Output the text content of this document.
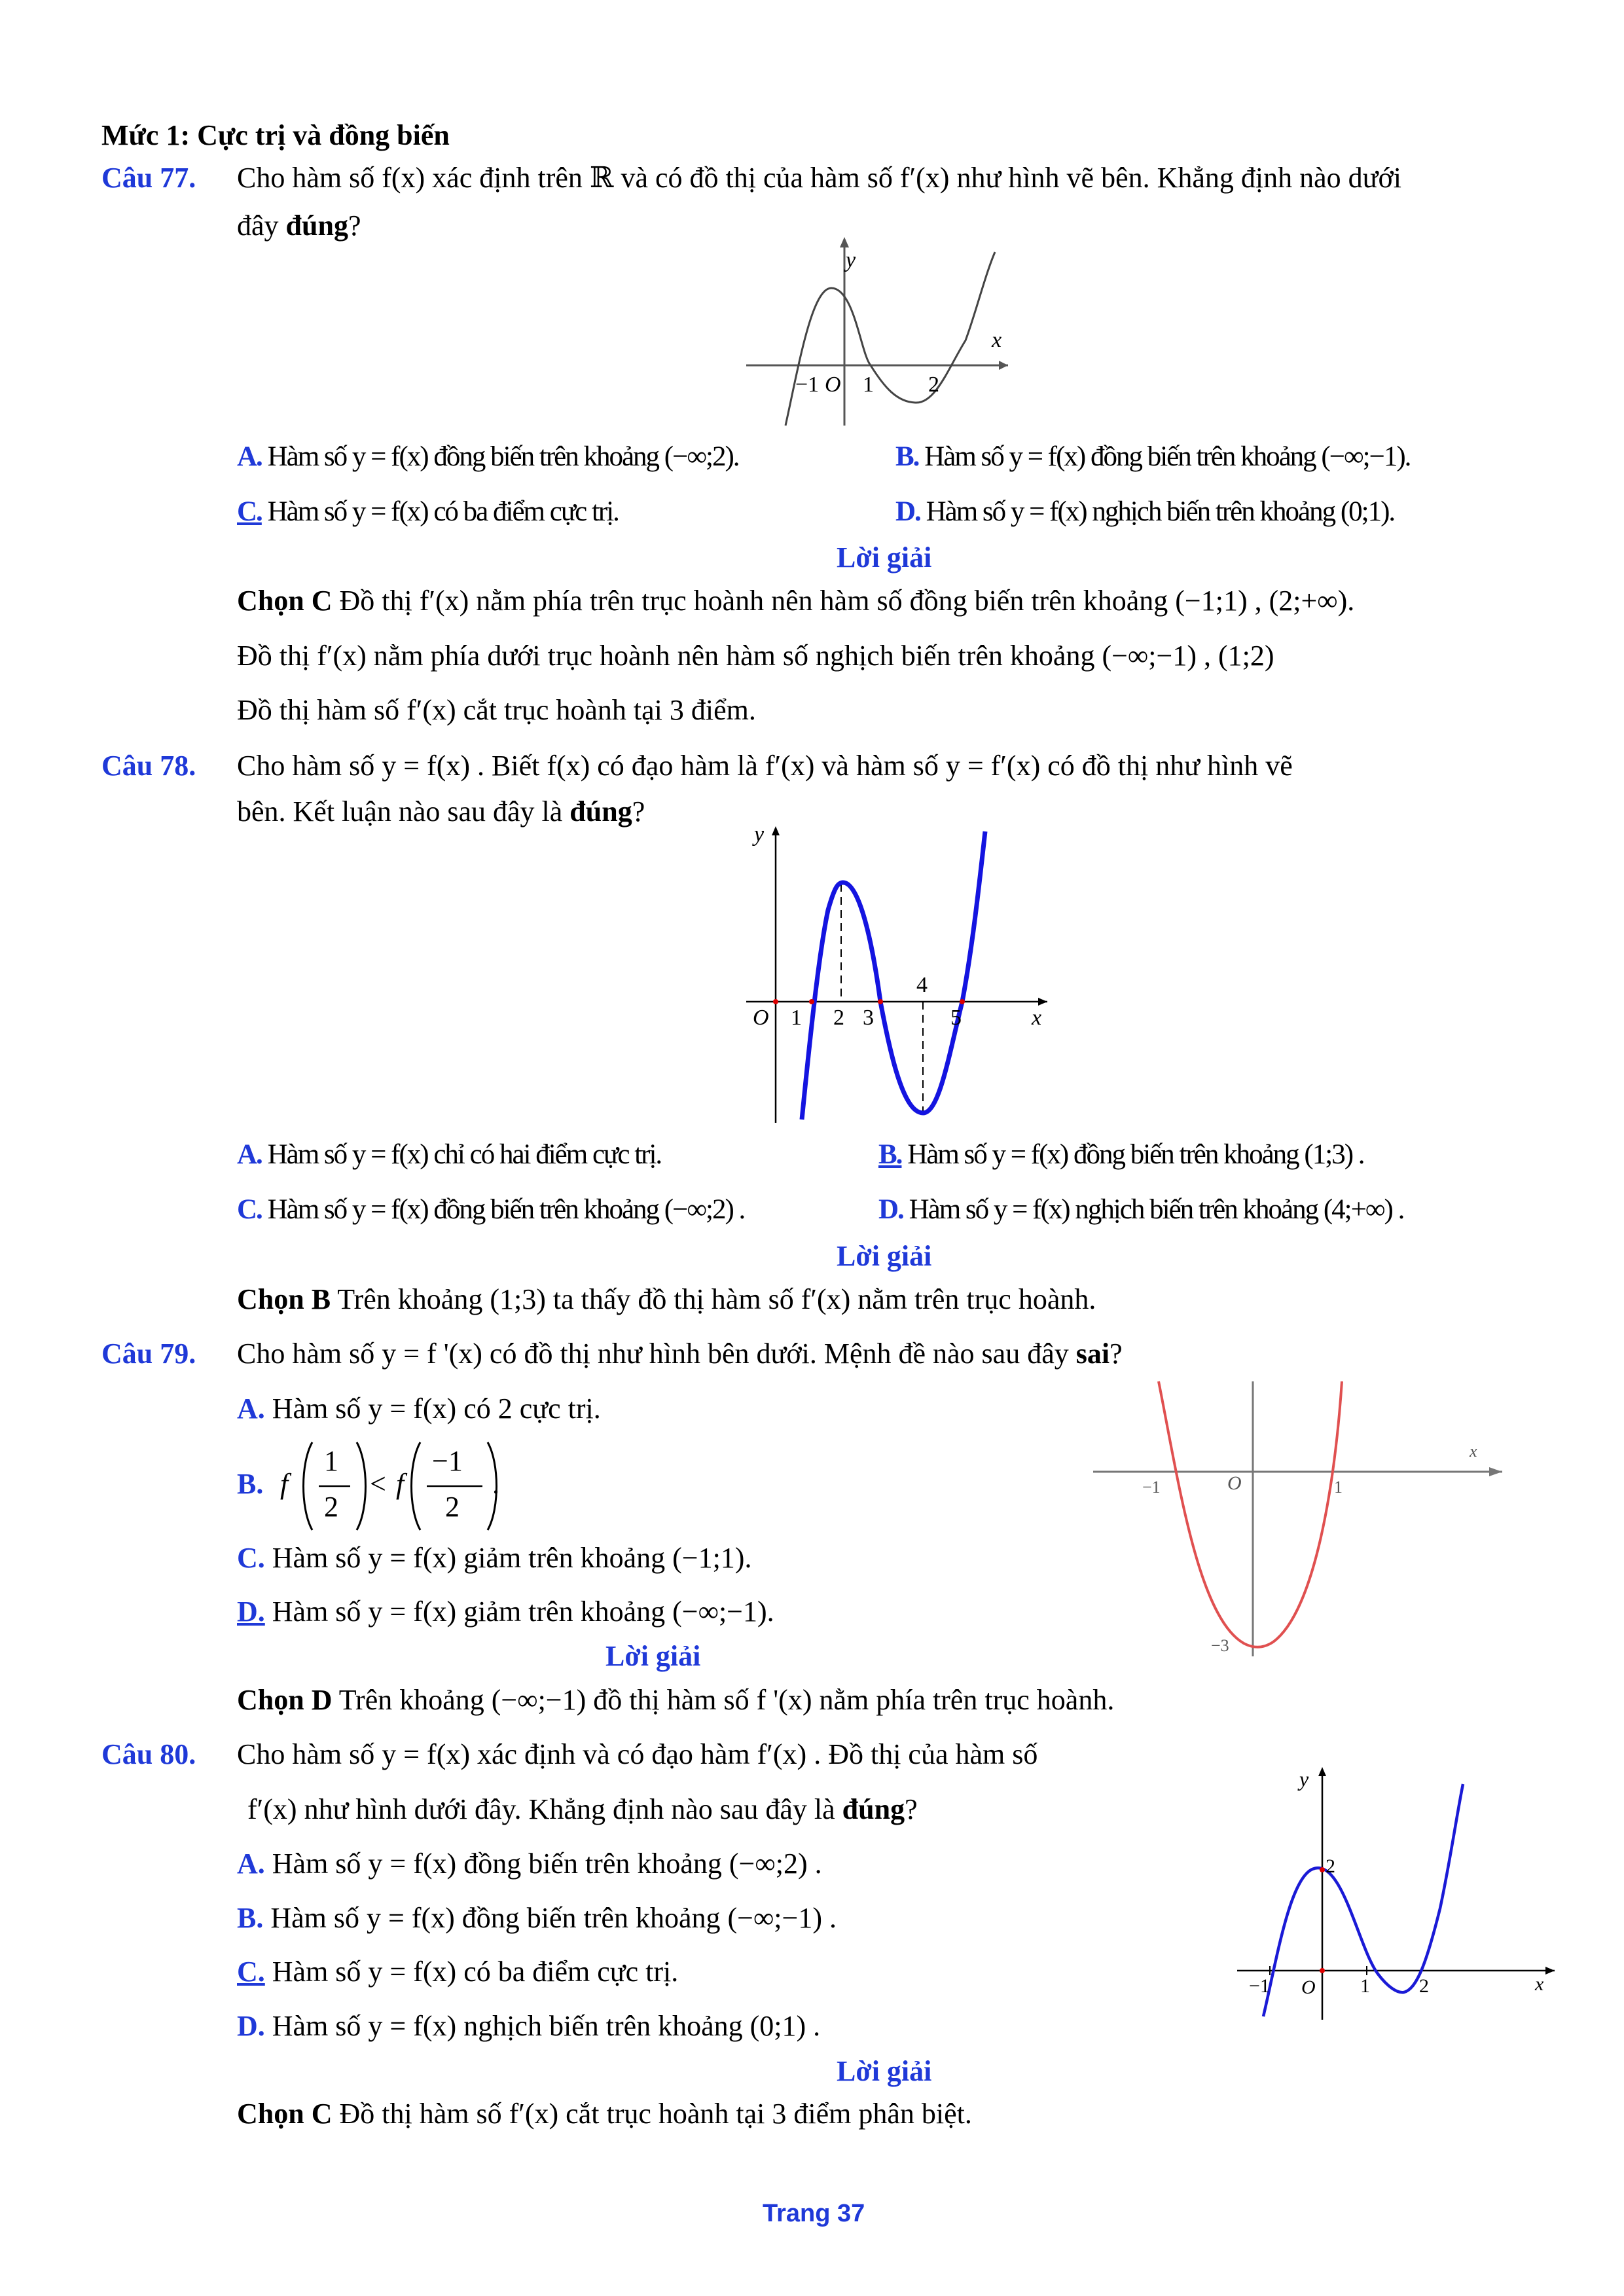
Mức 1: Cực trị và đồng biến
Câu 77. Cho hàm số f(x) xác định trên ℝ và có đồ thị của hàm số f′(x) như hình vẽ bên. Khẳng định nào dưới
đây đúng?
y
x
−1 O 1 2
A. Hàm số y = f(x) đồng biến trên khoảng (−∞;2).	B. Hàm số y = f(x) đồng biến trên khoảng (−∞;−1).
C. Hàm số y = f(x) có ba điểm cực trị.	D. Hàm số y = f(x) nghịch biến trên khoảng (0;1).
Lời giải
Chọn C Đồ thị f′(x) nằm phía trên trục hoành nên hàm số đồng biến trên khoảng (−1;1) , (2;+∞).
Đồ thị f′(x) nằm phía dưới trục hoành nên hàm số nghịch biến trên khoảng (−∞;−1) , (1;2)
Đồ thị hàm số f′(x) cắt trục hoành tại 3 điểm.
Câu 78. Cho hàm số y = f(x) . Biết f(x) có đạo hàm là f′(x) và hàm số y = f′(x) có đồ thị như hình vẽ
bên. Kết luận nào sau đây là đúng?
y
x
O 1 2 3
4
5
A. Hàm số y = f(x) chỉ có hai điểm cực trị.	B. Hàm số y = f(x) đồng biến trên khoảng (1;3) .
C. Hàm số y = f(x) đồng biến trên khoảng (−∞;2) .	D. Hàm số y = f(x) nghịch biến trên khoảng (4;+∞) .
Lời giải
Chọn B Trên khoảng (1;3) ta thấy đồ thị hàm số f′(x) nằm trên trục hoành.
Câu 79. Cho hàm số y = f '(x) có đồ thị như hình bên dưới. Mệnh đề nào sau đây sai?
x
O
−1	1
−3
A. Hàm số y = f(x) có 2 cực trị.
B. f
1
2
< f
−1
2
.
C. Hàm số y = f(x) giảm trên khoảng (−1;1).
D. Hàm số y = f(x) giảm trên khoảng (−∞;−1).
Lời giải
Chọn D Trên khoảng (−∞;−1) đồ thị hàm số f '(x) nằm phía trên trục hoành.
Câu 80. Cho hàm số y = f(x) xác định và có đạo hàm f′(x) . Đồ thị của hàm số
f′(x) như hình dưới đây. Khẳng định nào sau đây là đúng?
y
x
2
−1 O 1	2
A. Hàm số y = f(x) đồng biến trên khoảng (−∞;2) .
B. Hàm số y = f(x) đồng biến trên khoảng (−∞;−1) .
C. Hàm số y = f(x) có ba điểm cực trị.
D. Hàm số y = f(x) nghịch biến trên khoảng (0;1) .
Lời giải
Chọn C Đồ thị hàm số f′(x) cắt trục hoành tại 3 điểm phân biệt.
Trang 37
